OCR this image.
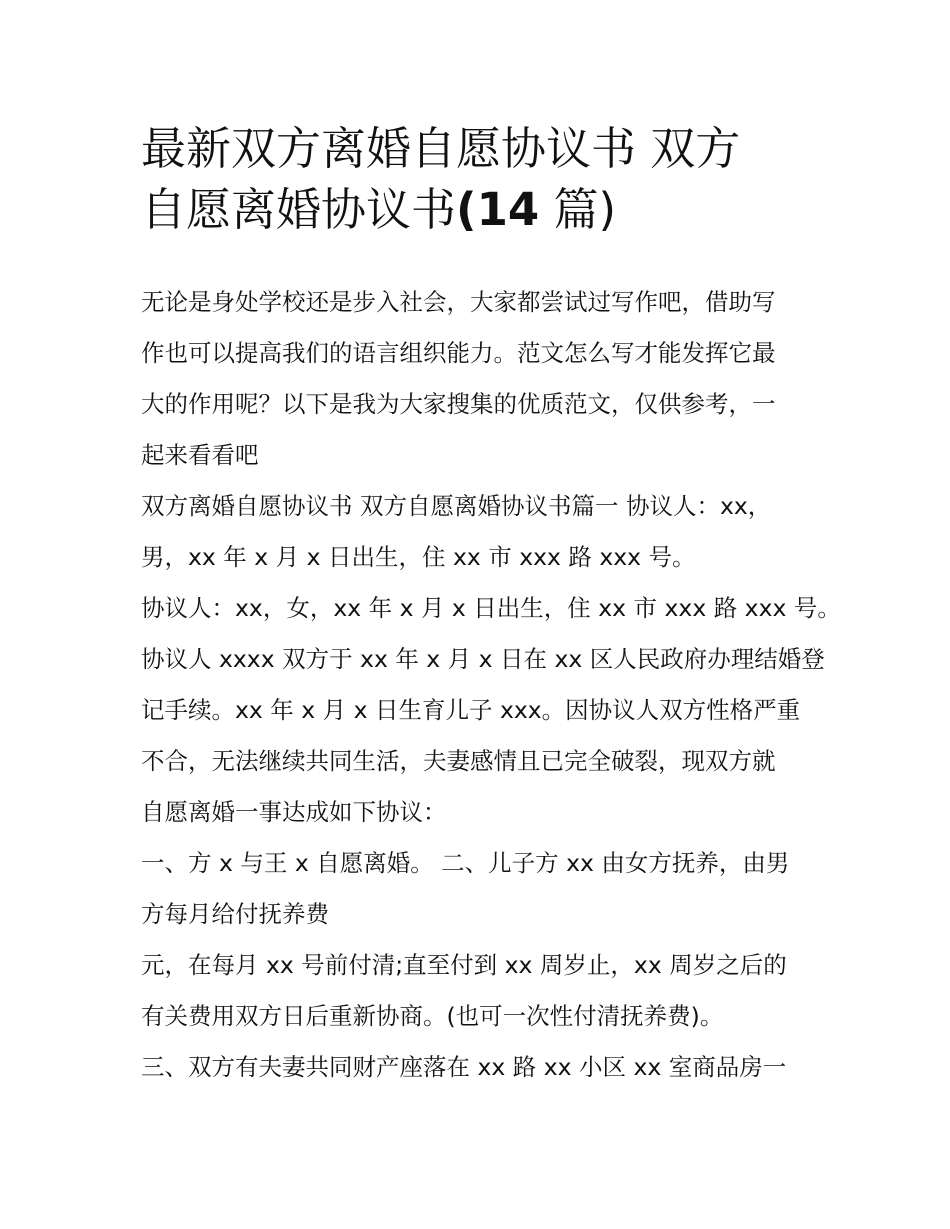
最新双方离婚自愿协议书 双方
自愿离婚协议书(14 篇)
无论是身处学校还是步入社会，大家都尝试过写作吧，借助写
作也可以提高我们的语言组织能力。范文怎么写才能发挥它最
大的作用呢？以下是我为大家搜集的优质范文，仅供参考，一
起来看看吧
双方离婚自愿协议书 双方自愿离婚协议书篇一 协议人：xx，
男，xx 年 x 月 x 日出生，住 xx 市 xxx 路 xxx 号。
协议人：xx，女，xx 年 x 月 x 日出生，住 xx 市 xxx 路 xxx 号。
协议人 xxxx 双方于 xx 年 x 月 x 日在 xx 区人民政府办理结婚登
记手续。xx 年 x 月 x 日生育儿子 xxx。因协议人双方性格严重
不合，无法继续共同生活，夫妻感情且已完全破裂，现双方就
自愿离婚一事达成如下协议：
一、方 x 与王 x 自愿离婚。 二、儿子方 xx 由女方抚养，由男
方每月给付抚养费
元，在每月 xx 号前付清;直至付到 xx 周岁止，xx 周岁之后的
有关费用双方日后重新协商。(也可一次性付清抚养费)。
三、双方有夫妻共同财产座落在 xx 路 xx 小区 xx 室商品房一
